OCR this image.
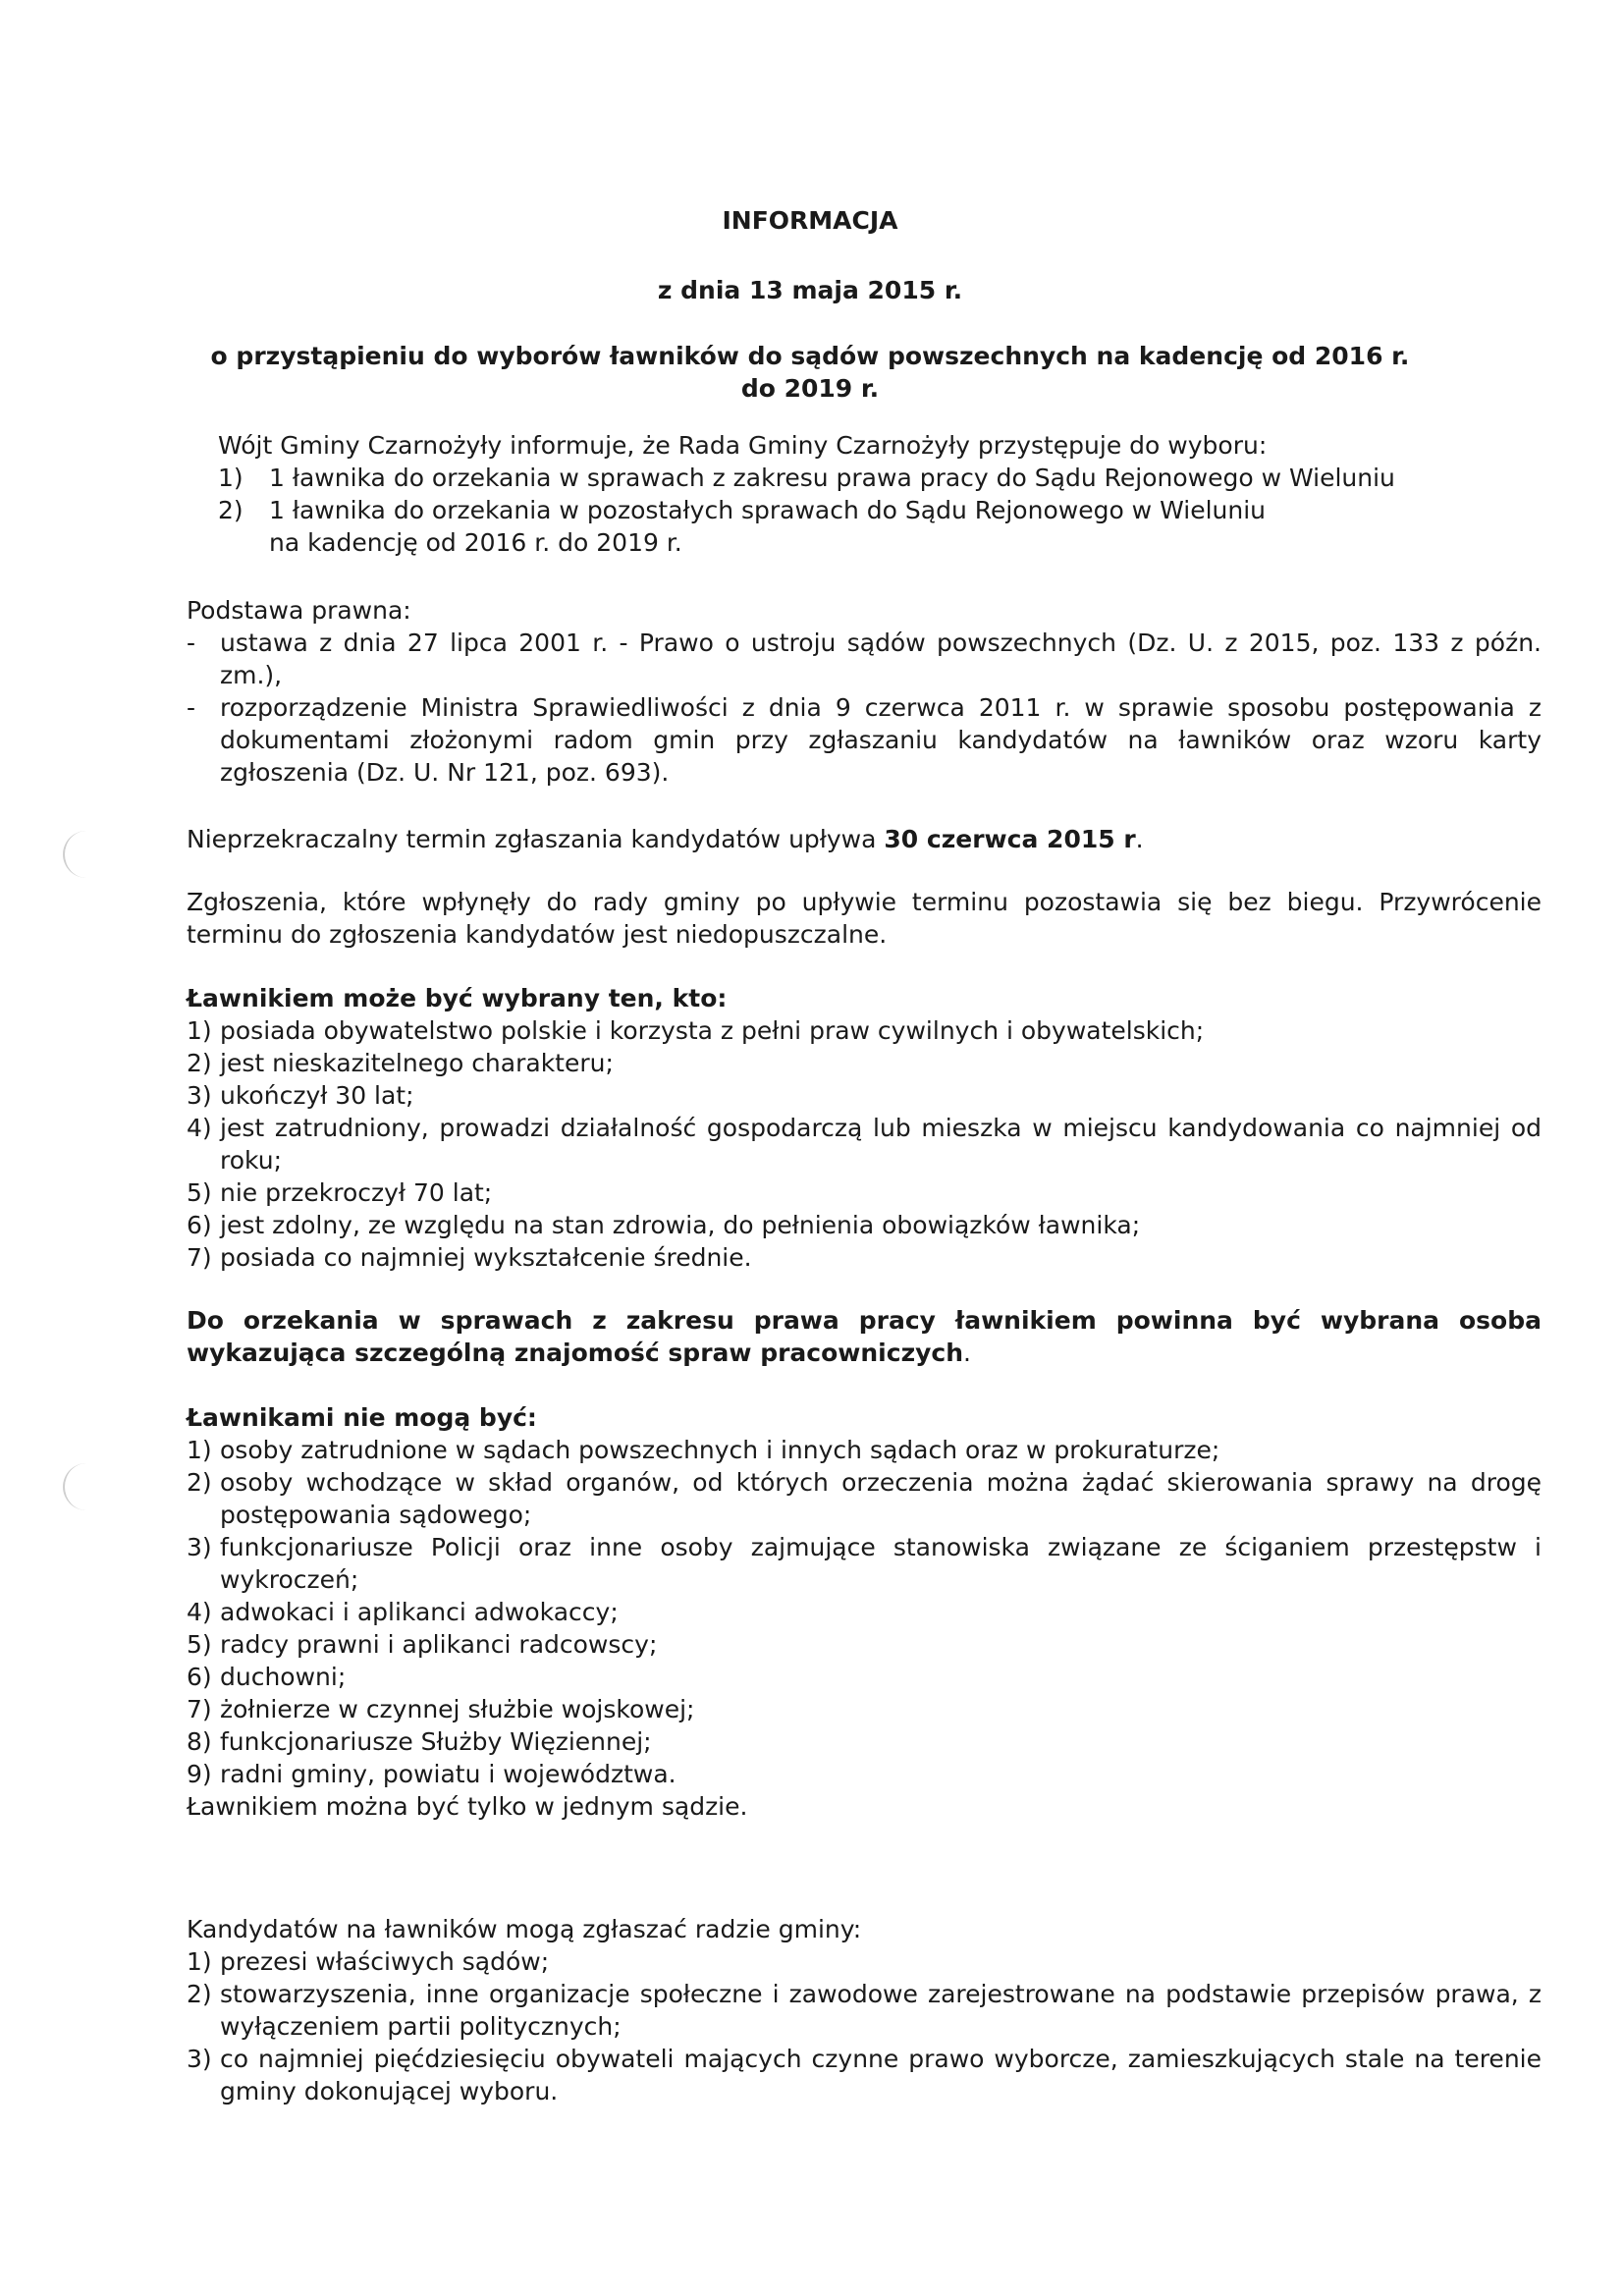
INFORMACJA
z dnia 13 maja 2015 r.
o przystąpieniu do wyborów ławników do sądów powszechnych na kadencję od 2016 r.
do 2019 r.
Wójt Gminy Czarnożyły informuje, że Rada Gminy Czarnożyły przystępuje do wyboru:
1)	1 ławnika do orzekania w sprawach z zakresu prawa pracy do Sądu Rejonowego w Wieluniu
2)	1 ławnika do orzekania w pozostałych sprawach do Sądu Rejonowego w Wieluniu
na kadencję od 2016 r. do 2019 r.
Podstawa prawna:
- ustawa z dnia 27 lipca 2001 r. - Prawo o ustroju sądów powszechnych (Dz. U. z 2015, poz. 133 z późn. zm.),
- rozporządzenie Ministra Sprawiedliwości z dnia 9 czerwca 2011 r. w sprawie sposobu postępowania z dokumentami złożonymi radom gmin przy zgłaszaniu kandydatów na ławników oraz wzoru karty zgłoszenia (Dz. U. Nr 121, poz. 693).
Nieprzekraczalny termin zgłaszania kandydatów upływa 30 czerwca 2015 r.
Zgłoszenia, które wpłynęły do rady gminy po upływie terminu pozostawia się bez biegu. Przywrócenie terminu do zgłoszenia kandydatów jest niedopuszczalne.
Ławnikiem może być wybrany ten, kto:
1) posiada obywatelstwo polskie i korzysta z pełni praw cywilnych i obywatelskich;
2) jest nieskazitelnego charakteru;
3) ukończył 30 lat;
4) jest zatrudniony, prowadzi działalność gospodarczą lub mieszka w miejscu kandydowania co najmniej od roku;
5) nie przekroczył 70 lat;
6) jest zdolny, ze względu na stan zdrowia, do pełnienia obowiązków ławnika;
7) posiada co najmniej wykształcenie średnie.
Do orzekania w sprawach z zakresu prawa pracy ławnikiem powinna być wybrana osoba wykazująca szczególną znajomość spraw pracowniczych.
Ławnikami nie mogą być:
1) osoby zatrudnione w sądach powszechnych i innych sądach oraz w prokuraturze;
2) osoby wchodzące w skład organów, od których orzeczenia można żądać skierowania sprawy na drogę postępowania sądowego;
3) funkcjonariusze Policji oraz inne osoby zajmujące stanowiska związane ze ściganiem przestępstw i wykroczeń;
4) adwokaci i aplikanci adwokaccy;
5) radcy prawni i aplikanci radcowscy;
6) duchowni;
7) żołnierze w czynnej służbie wojskowej;
8) funkcjonariusze Służby Więziennej;
9) radni gminy, powiatu i województwa.
Ławnikiem można być tylko w jednym sądzie.
Kandydatów na ławników mogą zgłaszać radzie gminy:
1) prezesi właściwych sądów;
2) stowarzyszenia, inne organizacje społeczne i zawodowe zarejestrowane na podstawie przepisów prawa, z wyłączeniem partii politycznych;
3) co najmniej pięćdziesięciu obywateli mających czynne prawo wyborcze, zamieszkujących stale na terenie gminy dokonującej wyboru.
